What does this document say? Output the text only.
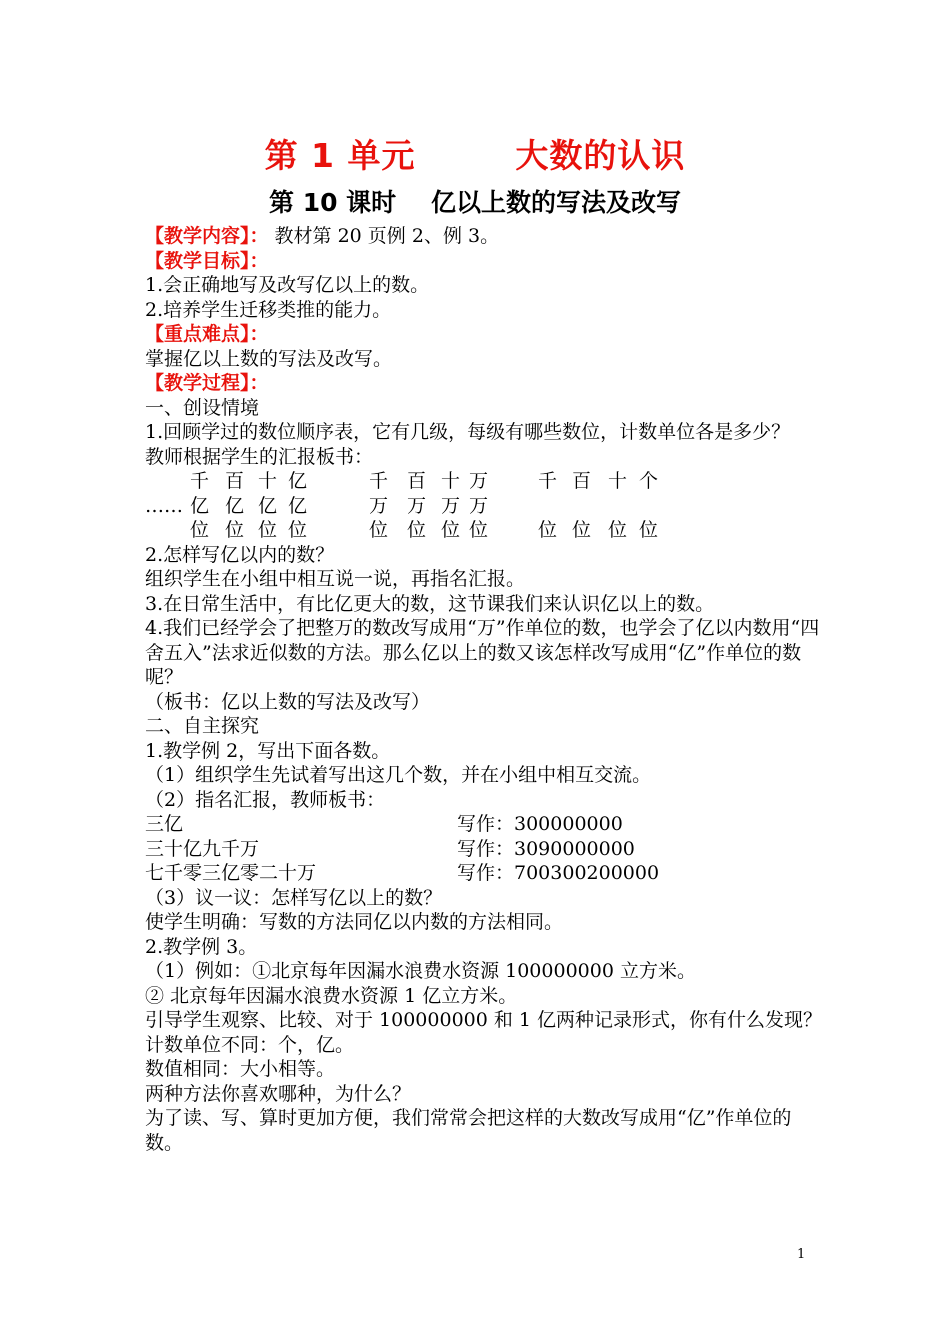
第 1 单元        大数的认识
第 10 课时    亿以上数的写法及改写
【教学内容】： 教材第 20 页例 2、例 3。
【教学目标】：
1.会正确地写及改写亿以上的数。
2.培养学生迁移类推的能力。
【重点难点】：
掌握亿以上数的写法及改写。
【教学过程】：
一、创设情境
1.回顾学过的数位顺序表，它有几级，每级有哪些数位，计数单位各是多少？
教师根据学生的汇报板书：
千 百 十 亿	千 百 十 万	千 百 十 个
…… 亿 亿 亿 亿	万 万 万 万
位 位 位 位	位 位 位 位	位 位 位 位
2.怎样写亿以内的数？
组织学生在小组中相互说一说，再指名汇报。
3.在日常生活中，有比亿更大的数，这节课我们来认识亿以上的数。
4.我们已经学会了把整万的数改写成用“万”作单位的数，也学会了亿以内数用“四舍五入”法求近似数的方法。那么亿以上的数又该怎样改写成用“亿”作单位的数呢？
（板书：亿以上数的写法及改写）
二、自主探究
1.教学例 2，写出下面各数。
（1）组织学生先试着写出这几个数，并在小组中相互交流。
（2）指名汇报，教师板书：
三亿	写作：300000000
三十亿九千万	写作：3090000000
七千零三亿零二十万	写作：700300200000
（3）议一议：怎样写亿以上的数？
使学生明确：写数的方法同亿以内数的方法相同。
2.教学例 3。
（1）例如：①北京每年因漏水浪费水资源 100000000 立方米。
② 北京每年因漏水浪费水资源 1 亿立方米。
引导学生观察、比较、对于 100000000 和 1 亿两种记录形式，你有什么发现？
计数单位不同：个，亿。
数值相同：大小相等。
两种方法你喜欢哪种，为什么？
为了读、写、算时更加方便，我们常常会把这样的大数改写成用“亿”作单位的数。
1
